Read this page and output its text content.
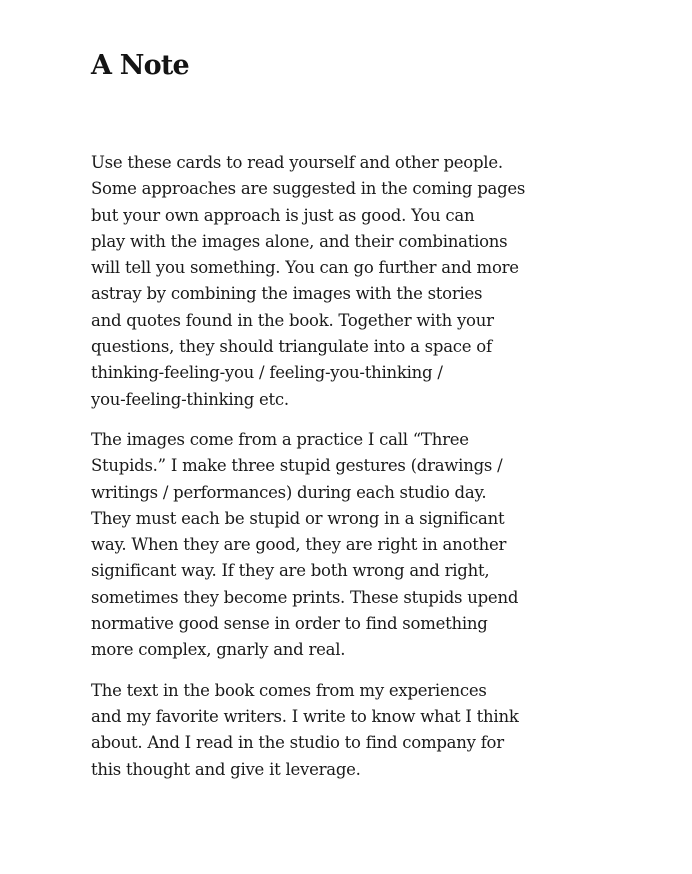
A Note

Use these cards to read yourself and other people.
Some approaches are suggested in the coming pages
but your own approach is just as good. You can
play with the images alone, and their combinations
will tell you something. You can go further and more
astray by combining the images with the stories
and quotes found in the book. Together with your
questions, they should triangulate into a space of
thinking-feeling-you / feeling-you-thinking /
you-feeling-thinking etc.

The images come from a practice I call “Three
Stupids.” I make three stupid gestures (drawings /
writings / performances) during each studio day.
They must each be stupid or wrong in a significant
way. When they are good, they are right in another
significant way. If they are both wrong and right,
sometimes they become prints. These stupids upend
normative good sense in order to find something
more complex, gnarly and real.

The text in the book comes from my experiences
and my favorite writers. I write to know what I think
about. And I read in the studio to find company for
this thought and give it leverage.
